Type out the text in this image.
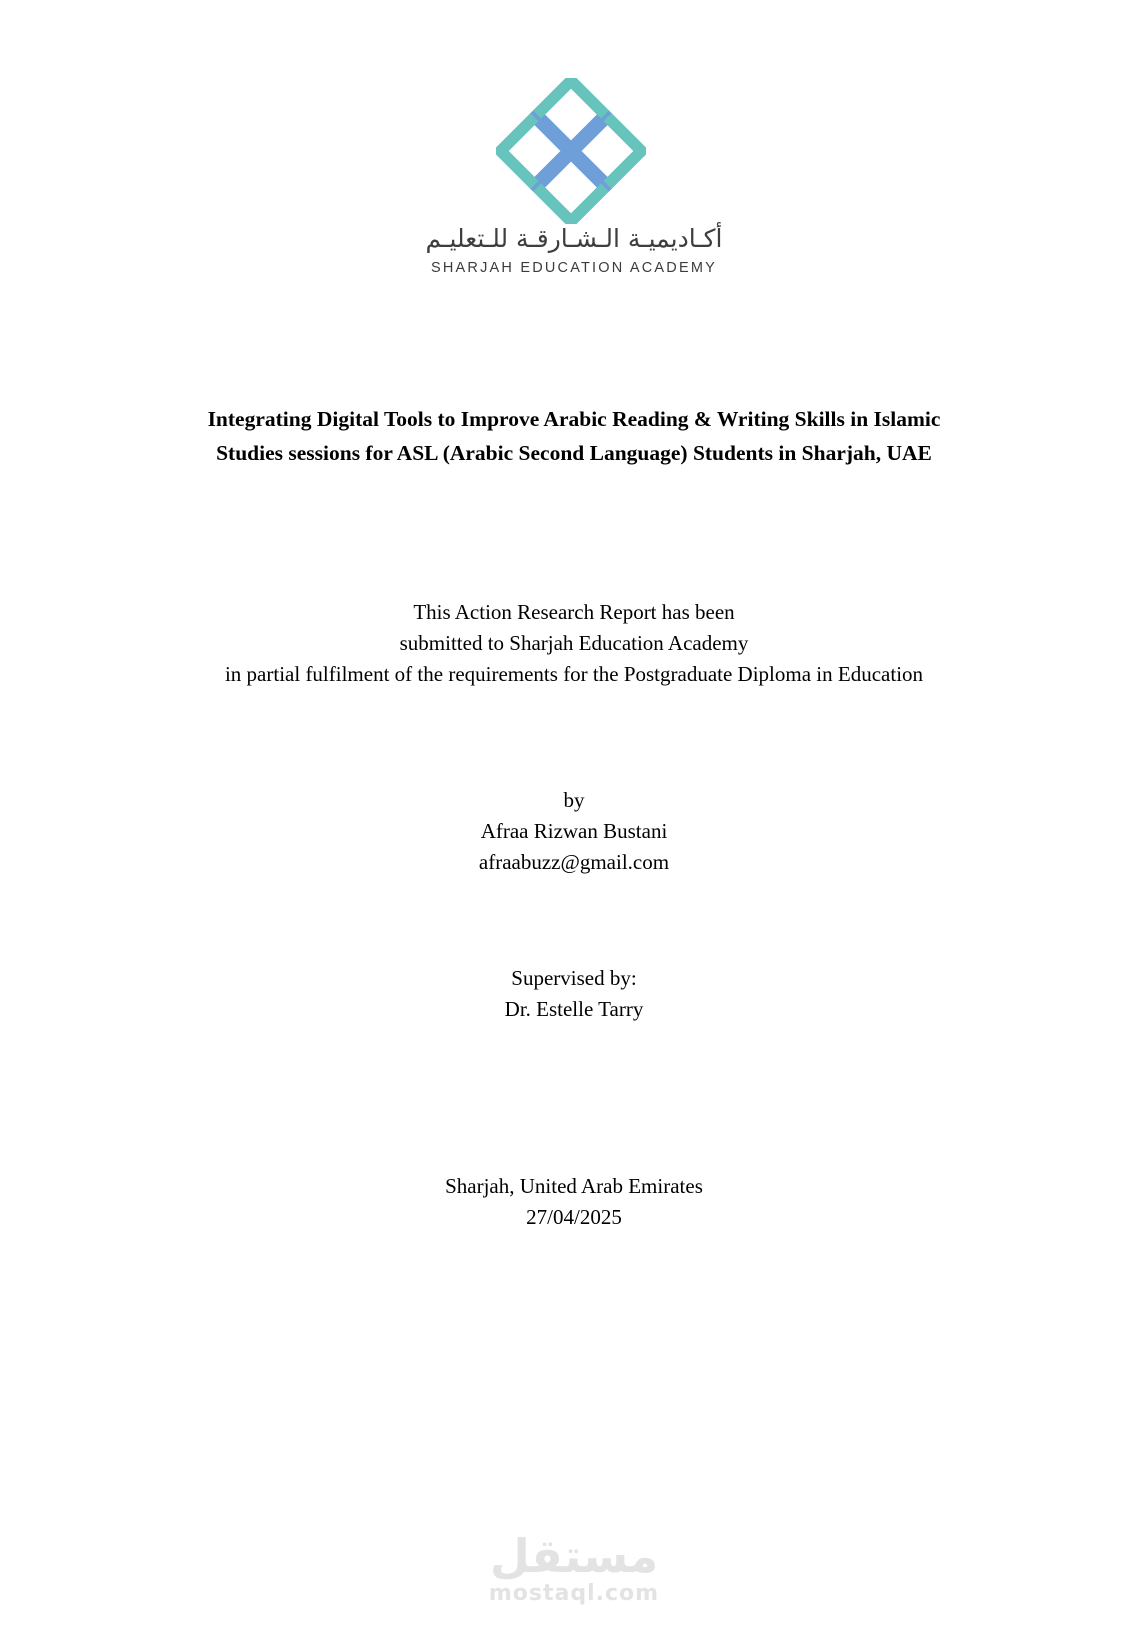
أكـاديميـة الـشـارقـة للـتعليـم
SHARJAH EDUCATION ACADEMY
Integrating Digital Tools to Improve Arabic Reading & Writing Skills in Islamic
Studies sessions for ASL (Arabic Second Language) Students in Sharjah, UAE
This Action Research Report has been
submitted to Sharjah Education Academy
in partial fulfilment of the requirements for the Postgraduate Diploma in Education
by
Afraa Rizwan Bustani
afraabuzz@gmail.com
Supervised by:
Dr. Estelle Tarry
Sharjah, United Arab Emirates
27/04/2025
مستقل
mostaql.com
